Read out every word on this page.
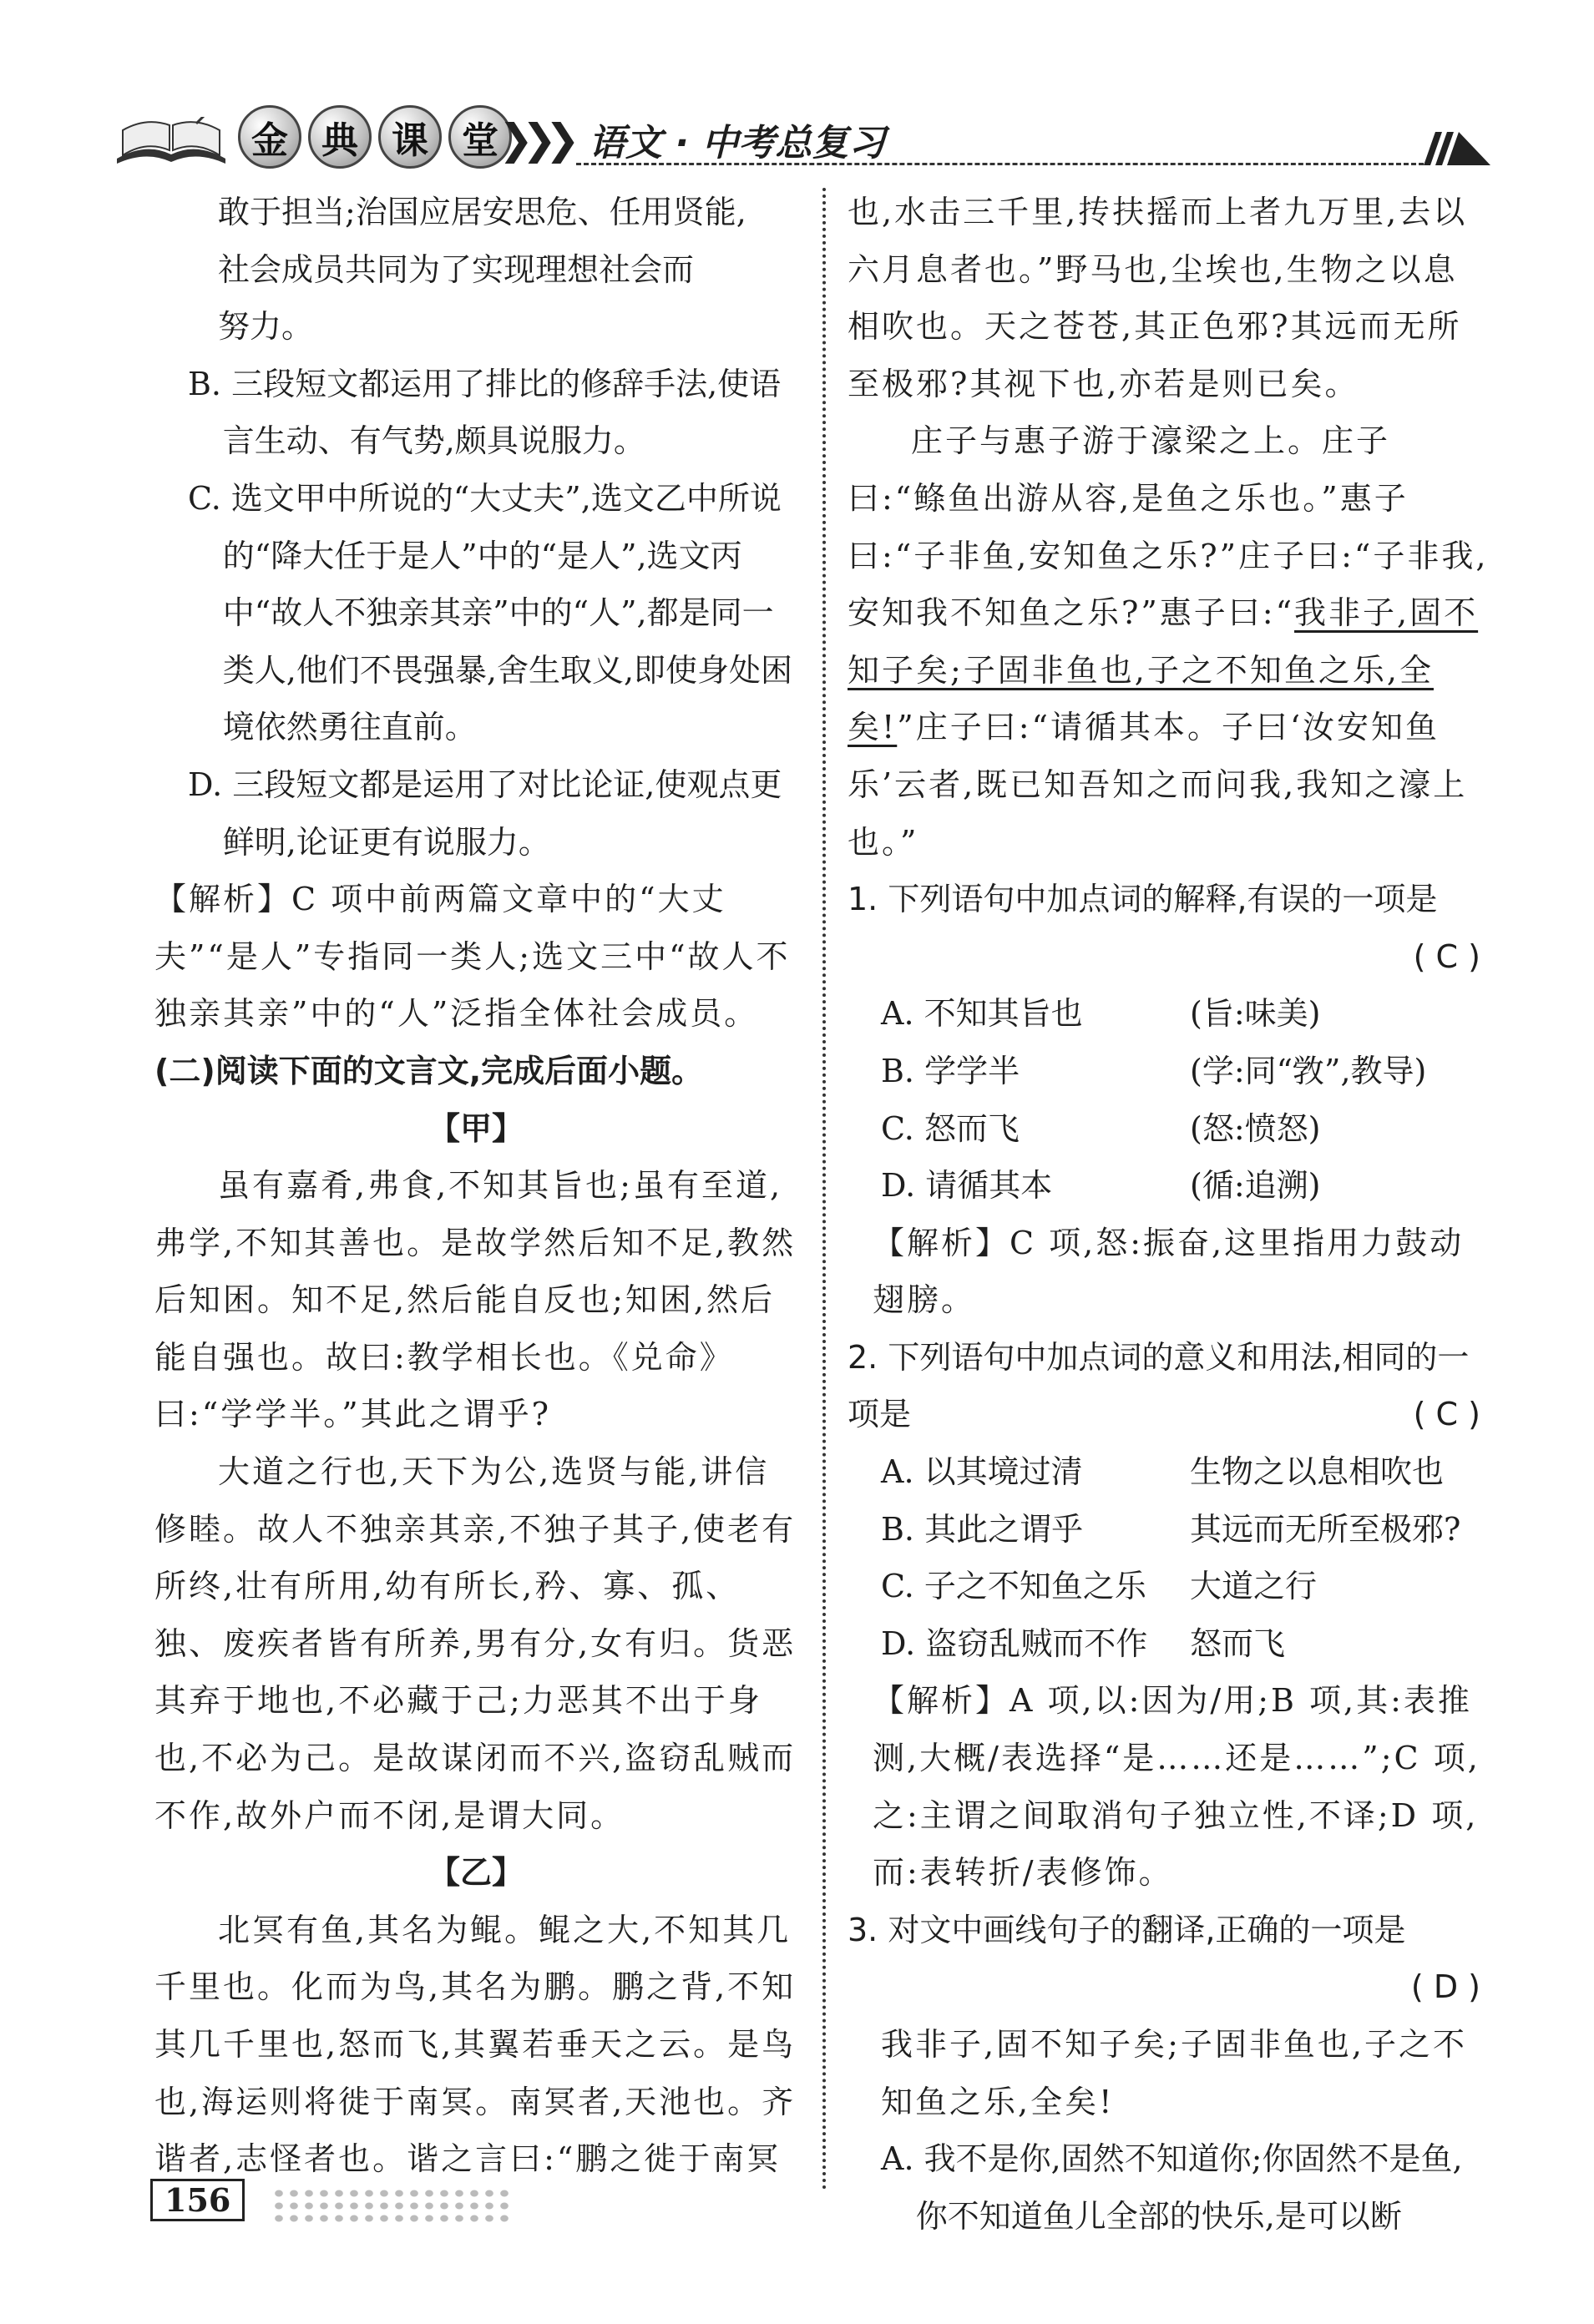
金 典 课 堂 ❯❯❯ 语文 · 中考总复习

敢于担当;治国应居安思危、任用贤能,

社会成员共同为了实现理想社会而

努力。

B. 三段短文都运用了排比的修辞手法,使语言生动、有气势,颇具说服力。

C. 选文甲中所说的“大丈夫”,选文乙中所说的“降大任于是人”中的“是人”,选文丙中“故人不独亲其亲”中的“人”,都是同一类人,他们不畏强暴,舍生取义,即使身处困境依然勇往直前。

D. 三段短文都是运用了对比论证,使观点更鲜明,论证更有说服力。

【解析】C 项中前两篇文章中的“大丈夫”“是人”专指同一类人;选文三中“故人不独亲其亲”中的“人”泛指全体社会成员。

(二)阅读下面的文言文,完成后面小题。

【甲】

虽有嘉肴,弗食,不知其旨也;虽有至道,弗学,不知其善也。是故学然后知不足,教然后知困。知不足,然后能自反也;知困,然后能自强也。故曰:教学相长也。《兑命》曰:“学学半。”其此之谓乎?

大道之行也,天下为公,选贤与能,讲信修睦。故人不独亲其亲,不独子其子,使老有所终,壮有所用,幼有所长,矜、寡、孤、独、废疾者皆有所养,男有分,女有归。货恶其弃于地也,不必藏于己;力恶其不出于身也,不必为己。是故谋闭而不兴,盗窃乱贼而不作,故外户而不闭,是谓大同。

【乙】

北冥有鱼,其名为鲲。鲲之大,不知其几千里也。化而为鸟,其名为鹏。鹏之背,不知其几千里也,怒而飞,其翼若垂天之云。是鸟也,海运则将徙于南冥。南冥者,天池也。齐谐者,志怪者也。谐之言曰:“鹏之徙于南冥

也,水击三千里,抟扶摇而上者九万里,去以六月息者也。”野马也,尘埃也,生物之以息相吹也。天之苍苍,其正色邪?其远而无所至极邪?其视下也,亦若是则已矣。

庄子与惠子游于濠梁之上。庄子曰:“鲦鱼出游从容,是鱼之乐也。”惠子曰:“子非鱼,安知鱼之乐?”庄子曰:“子非我,安知我不知鱼之乐?”惠子曰:“我非子,固不知子矣;子固非鱼也,子之不知鱼之乐,全矣!”庄子曰:“请循其本。子曰‘汝安知鱼乐’云者,既已知吾知之而问我,我知之濠上也。”

1. 下列语句中加点词的解释,有误的一项是

( C )

A. 不知其旨也	(旨:味美)
B. 学学半	(学:同“敩”,教导)
C. 怒而飞	(怒:愤怒)
D. 请循其本	(循:追溯)

【解析】C 项,怒:振奋,这里指用力鼓动翅膀。

2. 下列语句中加点词的意义和用法,相同的一项是	( C )

A. 以其境过清	生物之以息相吹也
B. 其此之谓乎	其远而无所至极邪?
C. 子之不知鱼之乐	大道之行
D. 盗窃乱贼而不作	怒而飞

【解析】A 项,以:因为/用;B 项,其:表推测,大概/表选择“是……还是……”;C 项,之:主谓之间取消句子独立性,不译;D 项,而:表转折/表修饰。

3. 对文中画线句子的翻译,正确的一项是

( D )

我非子,固不知子矣;子固非鱼也,子之不知鱼之乐,全矣!

A. 我不是你,固然不知道你;你固然不是鱼,你不知道鱼儿全部的快乐,是可以断

156
